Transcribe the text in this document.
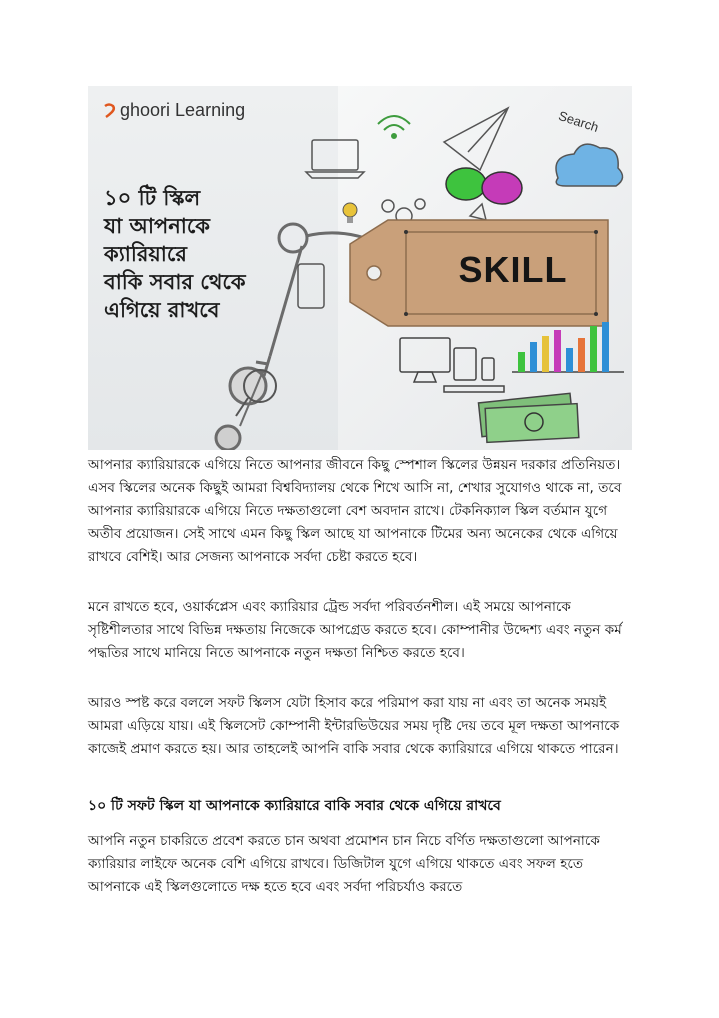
ghoori Learning
১০ টি স্কিল
যা আপনাকে
ক্যারিয়ারে
বাকি সবার থেকে
এগিয়ে রাখবে
Search
SKILL

আপনার ক্যারিয়ারকে এগিয়ে নিতে আপনার জীবনে কিছু স্পেশাল স্কিলের উন্নয়ন দরকার প্রতিনিয়ত। এসব স্কিলের অনেক কিছুই আমরা বিশ্ববিদ্যালয় থেকে শিখে আসি না, শেখার সুযোগও থাকে না, তবে আপনার ক্যারিয়ারকে এগিয়ে নিতে দক্ষতাগুলো বেশ অবদান রাখে। টেকনিক্যাল স্কিল বর্তমান যুগে অতীব প্রয়োজন। সেই সাথে এমন কিছু স্কিল আছে যা আপনাকে টিমের অন্য অনেকের থেকে এগিয়ে রাখবে বেশিই। আর সেজন্য আপনাকে সর্বদা চেষ্টা করতে হবে।

মনে রাখতে হবে, ওয়ার্কপ্লেস এবং ক্যারিয়ার ট্রেন্ড সর্বদা পরিবর্তনশীল। এই সময়ে আপনাকে সৃষ্টিশীলতার সাথে বিভিন্ন দক্ষতায় নিজেকে আপগ্রেড করতে হবে। কোম্পানীর উদ্দেশ্য এবং নতুন কর্ম পদ্ধতির সাথে মানিয়ে নিতে আপনাকে নতুন দক্ষতা নিশ্চিত করতে হবে।

আরও স্পষ্ট করে বললে সফট স্কিলস যেটা হিসাব করে পরিমাপ করা যায় না এবং তা অনেক সময়ই আমরা এড়িয়ে যায়। এই স্কিলসেট কোম্পানী ইন্টারভিউয়ের সময় দৃষ্টি দেয় তবে মূল দক্ষতা আপনাকে কাজেই প্রমাণ করতে হয়। আর তাহলেই আপনি বাকি সবার থেকে ক্যারিয়ারে এগিয়ে থাকতে পারেন।

১০ টি সফট স্কিল যা আপনাকে ক্যারিয়ারে বাকি সবার থেকে এগিয়ে রাখবে

আপনি নতুন চাকরিতে প্রবেশ করতে চান অথবা প্রমোশন চান নিচে বর্ণিত দক্ষতাগুলো আপনাকে ক্যারিয়ার লাইফে অনেক বেশি এগিয়ে রাখবে। ডিজিটাল যুগে এগিয়ে থাকতে এবং সফল হতে আপনাকে এই স্কিলগুলোতে দক্ষ হতে হবে এবং সর্বদা পরিচর্যাও করতে
